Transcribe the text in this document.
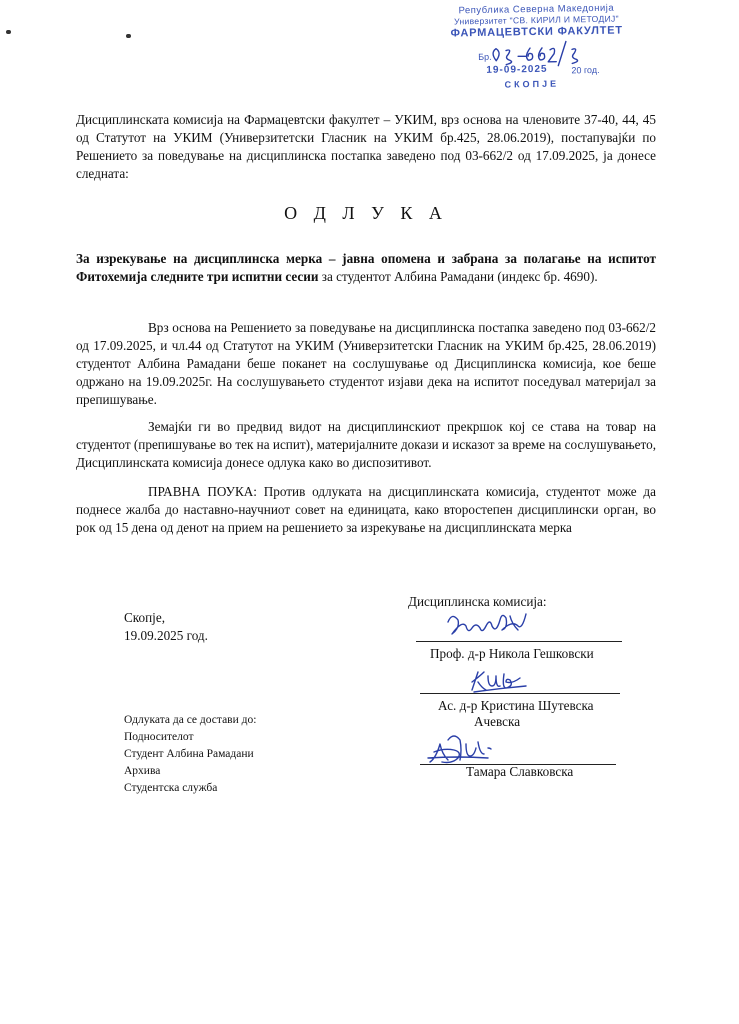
Република Северна Македонија
Универзитет "СВ. КИРИЛ И МЕТОДИЈ"
ФАРМАЦЕВТСКИ ФАКУЛТЕТ
Бр.
19-09-2025	20 год.
СКОПЈЕ
Дисциплинската комисија на Фармацевтски факултет – УКИМ, врз основа на членовите 37-40, 44, 45 од Статутот на УКИМ (Универзитетски Гласник на УКИМ бр.425, 28.06.2019), постапувајќи по Решението за поведување на дисциплинска постапка заведено под 03-662/2 од 17.09.2025, ја донесе следната:
О Д Л У К А
За изрекување на дисциплинска мерка – јавна опомена и забрана за полагање на испитот Фитохемија следните три испитни сесии за студентот Албина Рамадани (индекс бр. 4690).
Врз основа на Решението за поведување на дисциплинска постапка заведено под 03-662/2 од 17.09.2025, и чл.44 од Статутот на УКИМ (Универзитетски Гласник на УКИМ бр.425, 28.06.2019) студентот Албина Рамадани беше поканет на сослушување од Дисциплинска комисија, кое беше одржано на 19.09.2025г. На сослушувањето студентот изјави дека на испитот поседувал материјал за препишување.
Земајќи ги во предвид видот на дисциплинскиот прекршок кој се става на товар на студентот (препишување во тек на испит), материјалните докази и исказот за време на сослушувањето, Дисциплинската комисија донесе одлука како во диспозитивот.
ПРАВНА ПОУКА: Против одлуката на дисциплинската комисија, студентот може да поднесе жалба до наставно-научниот совет на единицата, како второстепен дисциплински орган, во рок од 15 дена од денот на прием на решението за изрекување на дисциплинската мерка
Скопје,
19.09.2025 год.
Дисциплинска комисија:
Проф. д-р Никола Гешковски
Ас. д-р Кристина Шутевска
Ачевска
Тамара Славковска
Одлуката да се достави до:
Подносителот
Студент Албина Рамадани
Архива
Студентска служба
